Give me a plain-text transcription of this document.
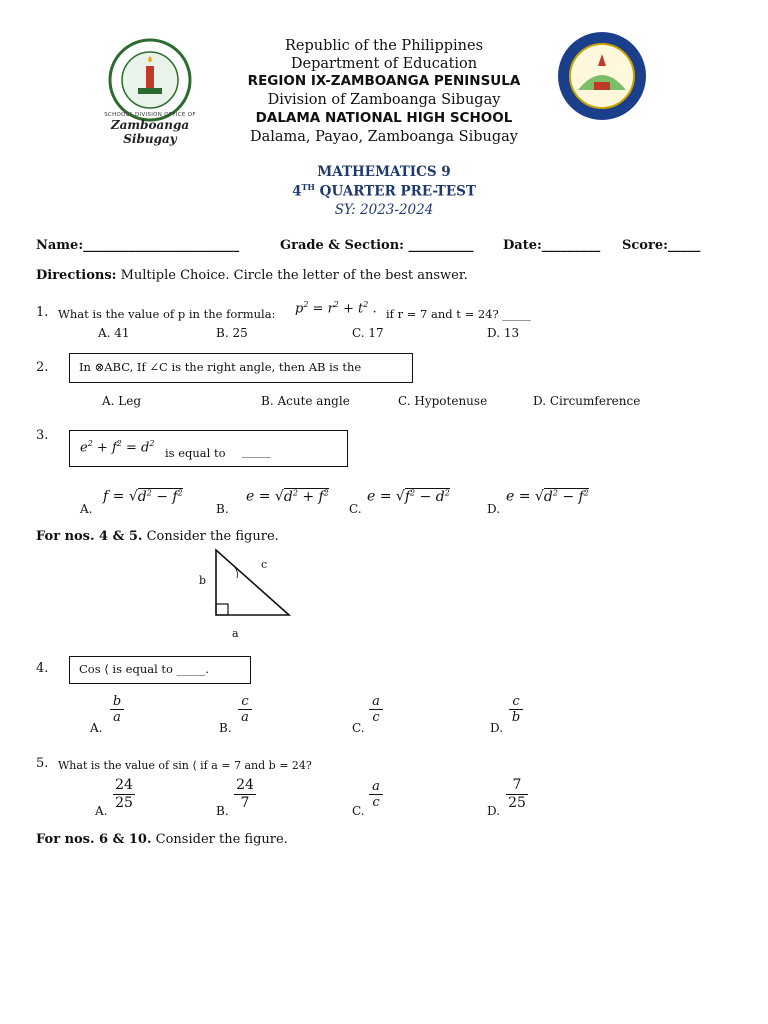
SCHOOLS DIVISION OFFICE OF
Zamboanga Sibugay
Republic of the Philippines
Department of Education
REGION IX-ZAMBOANGA PENINSULA
Division of Zamboanga Sibugay
DALAMA NATIONAL HIGH SCHOOL
Dalama, Payao, Zamboanga Sibugay
MATHEMATICS 9
4TH QUARTER PRE-TEST
SY: 2023-2024
Name:________________________	Grade & Section: __________ Date:_________ Score:_____
Directions: Multiple Choice. Circle the letter of the best answer.
1. What is the value of p in the formula: $p^2 = r^2 + t^2$ . if r = 7 and t = 24? _____
A. 41	B. 25	C. 17	D. 13
2.	In ⊗ABC, If ∠C is the right angle, then AB is the
A. Leg	B. Acute angle	C. Hypotenuse	D. Circumference
3.
$e^2 + f^2 = d^2$
is equal to _____
A.
$f = √d^2 - f^2$
B.
$e = √d^2 + f^2$
C.
$e = √f^2 - d^2$
D.
$e = √d^2 - f^2$
For nos. 4 & 5. Consider the figure.
b
c
a
4.	Cos ⟨ is equal to _____.
A.
$\frac{b}{a}$
B.
$\frac{c}{a}$
C.
$\frac{a}{c}$
D.
$\frac{c}{b}$
5. What is the value of sin ⟨ if a = 7 and b = 24?
A. $\frac{24}{25}$	B. $\frac{24}{7}$	C.
$\frac{a}{c}$
D. $\frac{7}{25}$
For nos. 6 & 10. Consider the figure.
